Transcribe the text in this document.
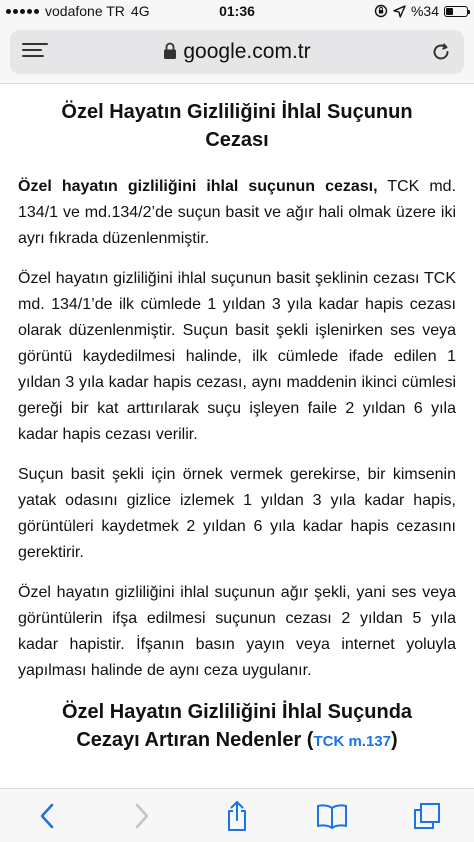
vodafone TR 4G	01:36	%34
google.com.tr
Özel Hayatın Gizliliğini İhlal Suçunun Cezası

Özel hayatın gizliliğini ihlal suçunun cezası, TCK md. 134/1 ve md.134/2’de suçun basit ve ağır hali olmak üzere iki ayrı fıkrada düzenlenmiştir.

Özel hayatın gizliliğini ihlal suçunun basit şeklinin cezası TCK md. 134/1’de ilk cümlede 1 yıldan 3 yıla kadar hapis cezası olarak düzenlenmiştir. Suçun basit şekli işlenirken ses veya görüntü kaydedilmesi halinde, ilk cümlede ifade edilen 1 yıldan 3 yıla kadar hapis cezası, aynı maddenin ikinci cümlesi gereği bir kat arttırılarak suçu işleyen faile 2 yıldan 6 yıla kadar hapis cezası verilir.

Suçun basit şekli için örnek vermek gerekirse, bir kimsenin yatak odasını gizlice izlemek 1 yıldan 3 yıla kadar hapis, görüntüleri kaydetmek 2 yıldan 6 yıla kadar hapis cezasını gerektirir.

Özel hayatın gizliliğini ihlal suçunun ağır şekli, yani ses veya görüntülerin ifşa edilmesi suçunun cezası 2 yıldan 5 yıla kadar hapistir. İfşanın basın yayın veya internet yoluyla yapılması halinde de aynı ceza uygulanır.

Özel Hayatın Gizliliğini İhlal Suçunda Cezayı Artıran Nedenler (TCK m.137)
